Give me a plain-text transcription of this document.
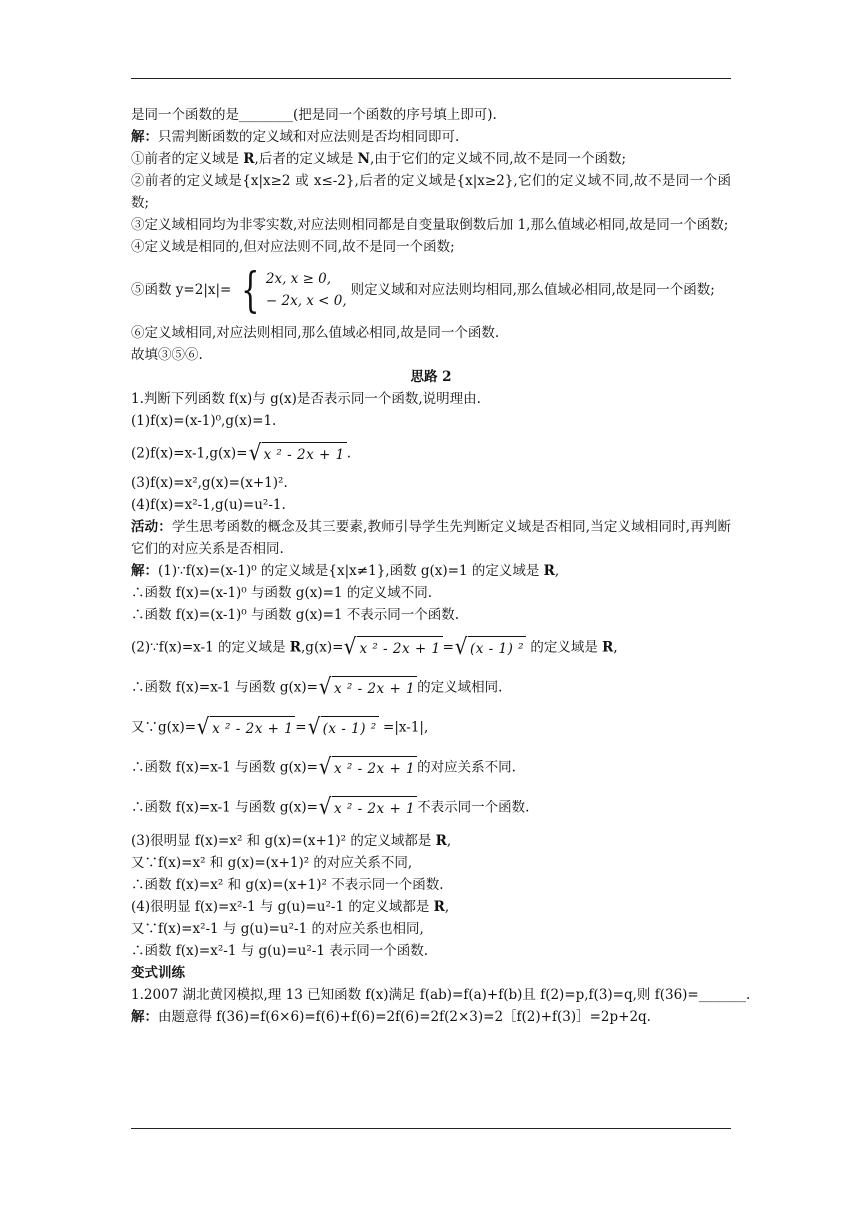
是同一个函数的是________(把是同一个函数的序号填上即可).

解：只需判断函数的定义域和对应法则是否均相同即可.

①前者的定义域是 R,后者的定义域是 N,由于它们的定义域不同,故不是同一个函数;

②前者的定义域是{x|x≥2 或 x≤-2},后者的定义域是{x|x≥2},它们的定义域不同,故不是同一个函数;

③定义域相同均为非零实数,对应法则相同都是自变量取倒数后加 1,那么值域必相同,故是同一个函数;

④定义域是相同的,但对应法则不同,故不是同一个函数;

⑤函数 y=2|x|= { 2x, x ≥ 0,
− 2x, x < 0,
则定义域和对应法则均相同,那么值域必相同,故是同一个函数;

⑥定义域相同,对应法则相同,那么值域必相同,故是同一个函数.

故填③⑤⑥.

思路 2

1.判断下列函数 f(x)与 g(x)是否表示同一个函数,说明理由.

(1)f(x)=(x-1)⁰,g(x)=1.

(2)f(x)=x-1,g(x)= √ x ² - 2x + 1 .

(3)f(x)=x²,g(x)=(x+1)².

(4)f(x)=x²-1,g(u)=u²-1.

活动：学生思考函数的概念及其三要素,教师引导学生先判断定义域是否相同,当定义域相同时,再判断它们的对应关系是否相同.

解：(1)∵f(x)=(x-1)⁰ 的定义域是{x|x≠1},函数 g(x)=1 的定义域是 R,

∴函数 f(x)=(x-1)⁰ 与函数 g(x)=1 的定义域不同.

∴函数 f(x)=(x-1)⁰ 与函数 g(x)=1 不表示同一个函数.

(2)∵f(x)=x-1 的定义域是 R,g(x)= √ x ² - 2x + 1 = √ (x - 1) ² 的定义域是 R,

∴函数 f(x)=x-1 与函数 g(x)= √ x ² - 2x + 1 的定义域相同.

又∵g(x)= √ x ² - 2x + 1 = √ (x - 1) ² =|x-1|,

∴函数 f(x)=x-1 与函数 g(x)= √ x ² - 2x + 1 的对应关系不同.

∴函数 f(x)=x-1 与函数 g(x)= √ x ² - 2x + 1 不表示同一个函数.

(3)很明显 f(x)=x² 和 g(x)=(x+1)² 的定义域都是 R,

又∵f(x)=x² 和 g(x)=(x+1)² 的对应关系不同,

∴函数 f(x)=x² 和 g(x)=(x+1)² 不表示同一个函数.

(4)很明显 f(x)=x²-1 与 g(u)=u²-1 的定义域都是 R,

又∵f(x)=x²-1 与 g(u)=u²-1 的对应关系也相同,

∴函数 f(x)=x²-1 与 g(u)=u²-1 表示同一个函数.

变式训练

1.2007 湖北黄冈模拟,理 13 已知函数 f(x)满足 f(ab)=f(a)+f(b)且 f(2)=p,f(3)=q,则 f(36)=_______.

解：由题意得 f(36)=f(6×6)=f(6)+f(6)=2f(6)=2f(2×3)=2［f(2)+f(3)］=2p+2q.
